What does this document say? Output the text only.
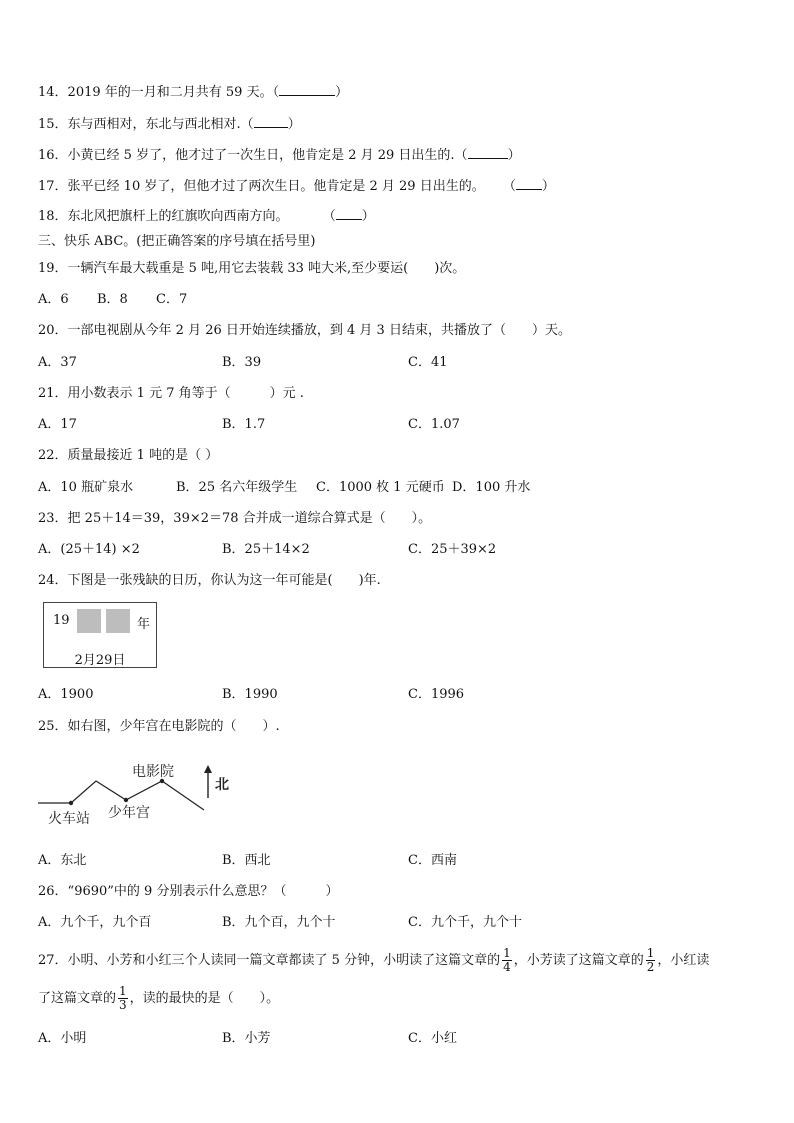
14．2019 年的一月和二月共有 59 天。（	）
15．东与西相对，东北与西北相对.（	）
16．小黄已经 5 岁了，他才过了一次生日，他肯定是 2 月 29 日出生的.（	）
17．张平已经 10 岁了，但他才过了两次生日。他肯定是 2 月 29 日出生的。 （ ）
18．东北风把旗杆上的红旗吹向西南方向。	（ ）
三、快乐 ABC。(把正确答案的序号填在括号里)
19．一辆汽车最大载重是 5 吨,用它去装载 33 吨大米,至少要运(　　)次。
A．6 B．8 C．7
20．一部电视剧从今年 2 月 26 日开始连续播放，到 4 月 3 日结束，共播放了（　　）天。
A．37	B．39	C．41
21．用小数表示 1 元 7 角等于（　　　）元 .
A．17	B．1.7	C．1.07
22．质量最接近 1 吨的是（ ）
A．10 瓶矿泉水	B．25 名六年级学生 C．1000 枚 1 元硬币 D．100 升水
23．把 25＋14＝39，39×2＝78 合并成一道综合算式是（　　）。
A．(25＋14) ×2	B．25＋14×2	C．25＋39×2
24．下图是一张残缺的日历，你认为这一年可能是(　　)年.
19	年
2月29日
A．1900	B．1990	C．1996
25．如右图，少年宫在电影院的（　　）.
电影院
火车站 少年宫
北
A．东北	B．西北	C．西南
26．“9690”中的 9 分别表示什么意思？（　　　）
A．九个千，九个百	B．九个百，九个十	C．九个千，九个十
27．小明、小芳和小红三个人读同一篇文章都读了 5 分钟，小明读了这篇文章的 $\frac{1}{4}$ ，小芳读了这篇文章的 $\frac{1}{2}$ ，小红读
了这篇文章的 $\frac{1}{3}$ ，读的最快的是（　　）。
A．小明	B．小芳	C．小红
